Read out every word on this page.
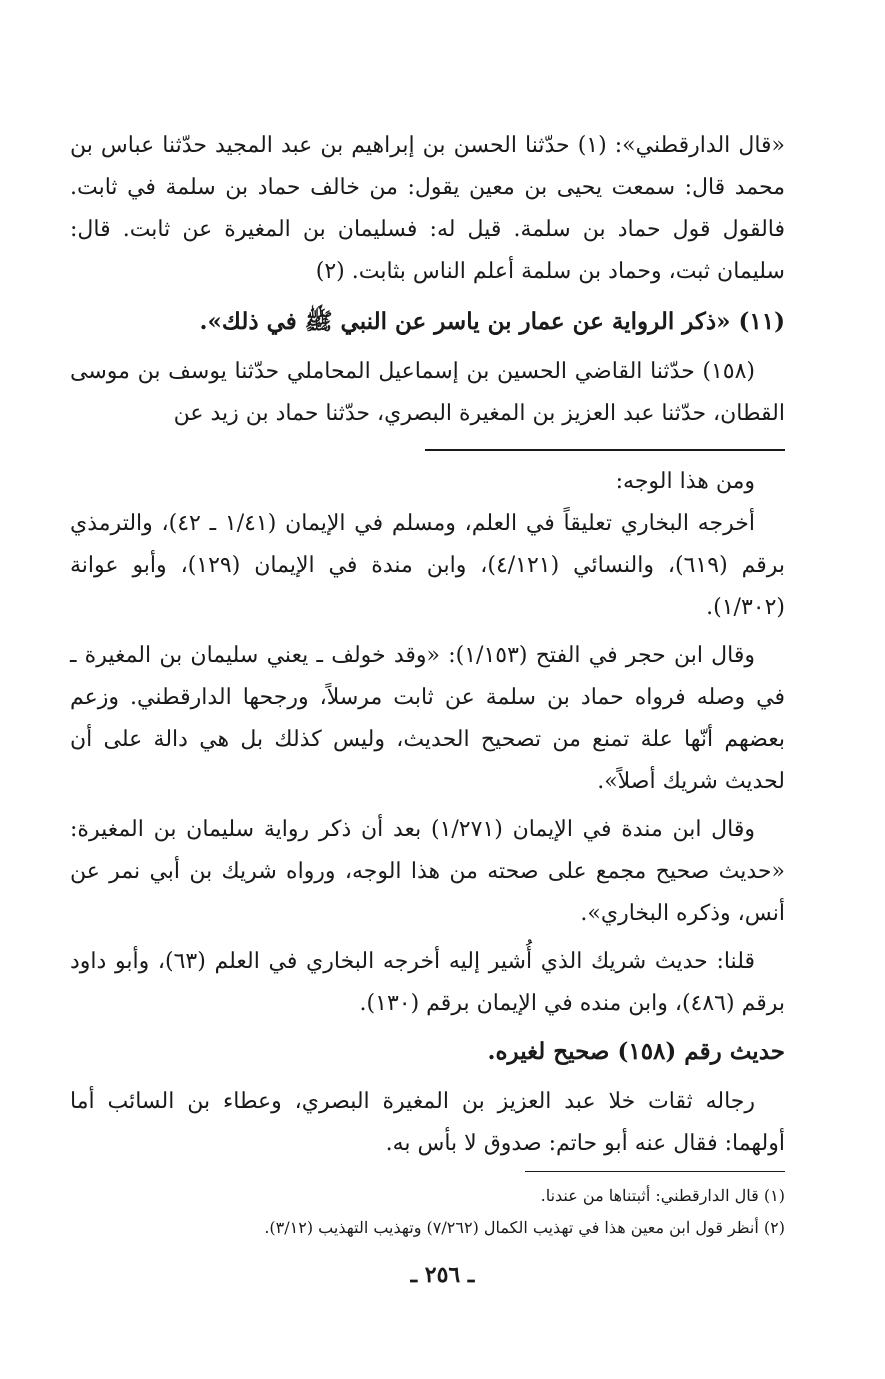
«قال الدارقطني»: (١) حدّثنا الحسن بن إبراهيم بن عبد المجيد حدّثنا عباس بن محمد قال: سمعت يحيى بن معين يقول: من خالف حماد بن سلمة في ثابت. فالقول قول حماد بن سلمة. قيل له: فسليمان بن المغيرة عن ثابت. قال: سليمان ثبت، وحماد بن سلمة أعلم الناس بثابت. (٢)

(١١) «ذكر الرواية عن عمار بن ياسر عن النبي ﷺ في ذلك».

(١٥٨) حدّثنا القاضي الحسين بن إسماعيل المحاملي حدّثنا يوسف بن موسى القطان، حدّثنا عبد العزيز بن المغيرة البصري، حدّثنا حماد بن زيد عن

ومن هذا الوجه:

أخرجه البخاري تعليقاً في العلم، ومسلم في الإيمان (١/٤١ ـ ٤٢)، والترمذي برقم (٦١٩)، والنسائي (٤/١٢١)، وابن مندة في الإيمان (١٢٩)، وأبو عوانة (١/٣٠٢).

وقال ابن حجر في الفتح (١/١٥٣): «وقد خولف ـ يعني سليمان بن المغيرة ـ في وصله فرواه حماد بن سلمة عن ثابت مرسلاً، ورجحها الدارقطني. وزعم بعضهم أنّها علة تمنع من تصحيح الحديث، وليس كذلك بل هي دالة على أن لحديث شريك أصلاً».

وقال ابن مندة في الإيمان (١/٢٧١) بعد أن ذكر رواية سليمان بن المغيرة: «حديث صحيح مجمع على صحته من هذا الوجه، ورواه شريك بن أبي نمر عن أنس، وذكره البخاري».

قلنا: حديث شريك الذي أُشير إليه أخرجه البخاري في العلم (٦٣)، وأبو داود برقم (٤٨٦)، وابن منده في الإيمان برقم (١٣٠).

حديث رقم (١٥٨) صحيح لغيره.

رجاله ثقات خلا عبد العزيز بن المغيرة البصري، وعطاء بن السائب أما أولهما: فقال عنه أبو حاتم: صدوق لا بأس به.

(١) قال الدارقطني: أثبتناها من عندنا.

(٢) أنظر قول ابن معين هذا في تهذيب الكمال (٧/٢٦٢) وتهذيب التهذيب (٣/١٢).

ـ ٢٥٦ ـ
